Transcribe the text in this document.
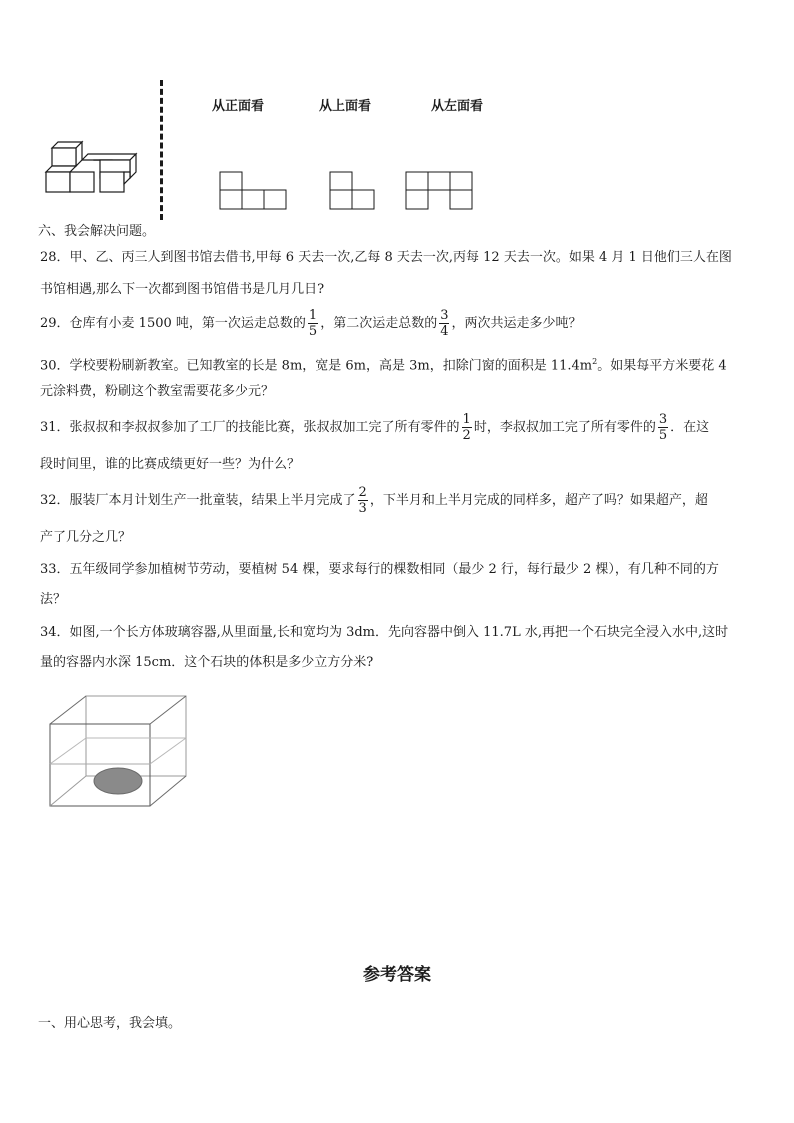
从正面看	从上面看	从左面看
六、我会解决问题。
28．甲、乙、丙三人到图书馆去借书,甲每 6 天去一次,乙每 8 天去一次,丙每 12 天去一次。如果 4 月 1 日他们三人在图
书馆相遇,那么下一次都到图书馆借书是几月几日?
29．仓库有小麦 1500 吨，第一次运走总数的 $\frac{1}{5}$ ，第二次运走总数的 $\frac{3}{4}$ ，两次共运走多少吨？
30．学校要粉刷新教室。已知教室的长是 8m，宽是 6m，高是 3m，扣除门窗的面积是 $11.4m^2$。如果每平方米要花 4
元涂料费，粉刷这个教室需要花多少元？
31．张叔叔和李叔叔参加了工厂的技能比赛，张叔叔加工完了所有零件的 $\frac{1}{2}$ 时，李叔叔加工完了所有零件的 $\frac{3}{5}$ ．在这
段时间里，谁的比赛成绩更好一些？为什么？
32．服装厂本月计划生产一批童装，结果上半月完成了 $\frac{2}{3}$ ，下半月和上半月完成的同样多，超产了吗？如果超产，超
产了几分之几？
33．五年级同学参加植树节劳动，要植树 54 棵，要求每行的棵数相同（最少 2 行，每行最少 2 棵），有几种不同的方
法？
34．如图,一个长方体玻璃容器,从里面量,长和宽均为 3dm．先向容器中倒入 11.7L 水,再把一个石块完全浸入水中,这时
量的容器内水深 15cm．这个石块的体积是多少立方分米?
参考答案
一、用心思考，我会填。
